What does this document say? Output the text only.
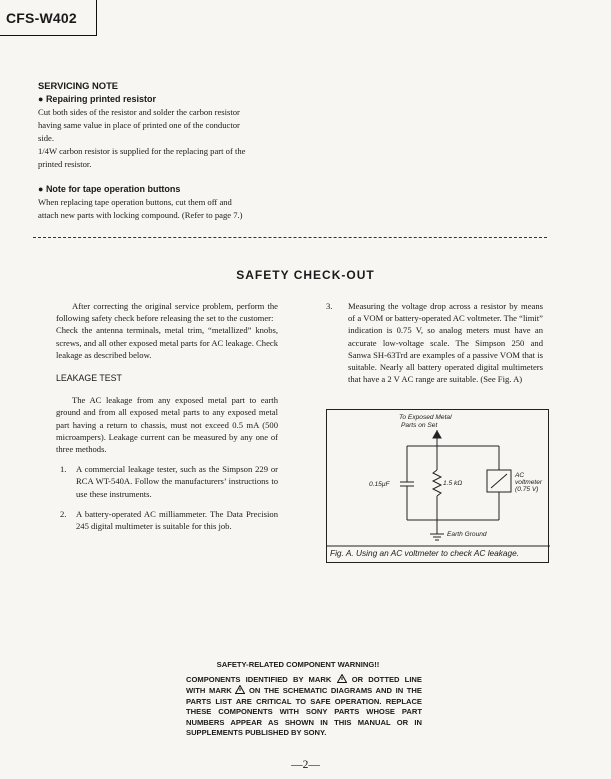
CFS-W402
SERVICING NOTE
● Repairing printed resistor

Cut both sides of the resistor and solder the carbon resistor

having same value in place of printed one of the conductor

side.

1/4W carbon resistor is supplied for the replacing part of the

printed resistor.

● Note for tape operation buttons

When replacing tape operation buttons, cut them off and

attach new parts with locking compound. (Refer to page 7.)

SAFETY CHECK-OUT

After correcting the original service problem, perform the following safety check before releasing the set to the customer:

Check the antenna terminals, metal trim, “metallized” knobs, screws, and all other exposed metal parts for AC leakage. Check leakage as described below.

LEAKAGE TEST

The AC leakage from any exposed metal part to earth ground and from all exposed metal parts to any exposed metal part having a return to chassis, must not exceed 0.5 mA (500 microampers). Leakage current can be measured by any one of three methods.

1.	A commercial leakage tester, such as the Simpson 229 or RCA WT-540A. Follow the manufacturers’ instructions to use these instruments.
2.	A battery-operated AC milliammeter. The Data Precision 245 digital multimeter is suitable for this job.
3.	Measuring the voltage drop across a resistor by means of a VOM or battery-operated AC voltmeter. The “limit” indication is 0.75 V, so analog meters must have an accurate low-voltage scale. The Simpson 250 and Sanwa SH-63Trd are examples of a passive VOM that is suitable. Nearly all battery operated digital multimeters that have a 2 V AC range are suitable. (See Fig. A)
To Exposed Metal
Parts on Set
0.15μF	1.5 kΩ
AC
voltmeter
(0.75 V)
Earth Ground
Fig. A. Using an AC voltmeter to check AC leakage.
SAFETY-RELATED COMPONENT WARNING!!

COMPONENTS IDENTIFIED BY MARK	OR DOTTED LINE WITH MARK ON THE SCHEMATIC DIAGRAMS AND IN THE PARTS LIST ARE CRITICAL TO SAFE OPERATION. REPLACE THESE COMPONENTS WITH SONY PARTS WHOSE PART NUMBERS APPEAR AS SHOWN IN THIS MANUAL OR IN SUPPLEMENTS PUBLISHED BY SONY.

—2—
